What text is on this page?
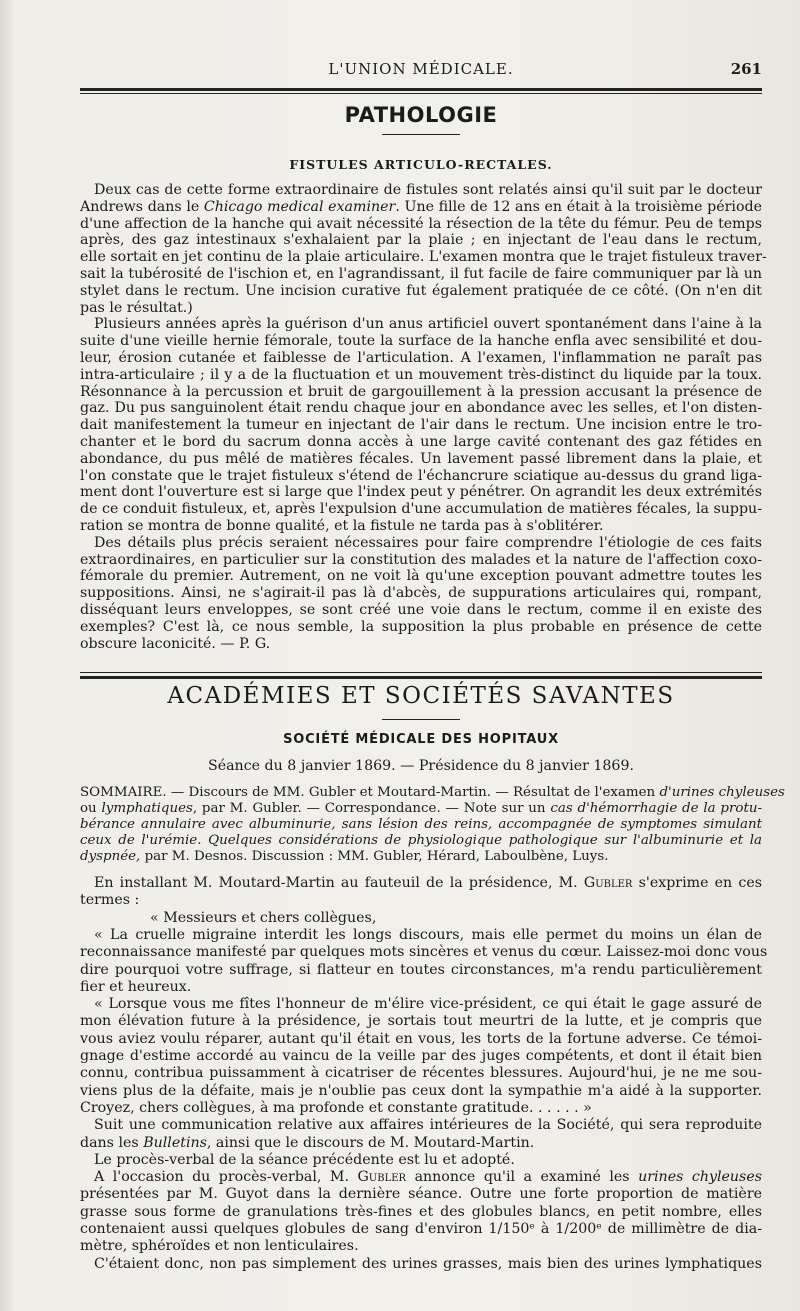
L'UNION MÉDICALE.	261
PATHOLOGIE
FISTULES ARTICULO-RECTALES.
Deux cas de cette forme extraordinaire de fistules sont relatés ainsi qu'il suit par le docteur
Andrews dans le Chicago medical examiner. Une fille de 12 ans en était à la troisième période
d'une affection de la hanche qui avait nécessité la résection de la tête du fémur. Peu de temps
après, des gaz intestinaux s'exhalaient par la plaie ; en injectant de l'eau dans le rectum,
elle sortait en jet continu de la plaie articulaire. L'examen montra que le trajet fistuleux traver-
sait la tubérosité de l'ischion et, en l'agrandissant, il fut facile de faire communiquer par là un
stylet dans le rectum. Une incision curative fut également pratiquée de ce côté. (On n'en dit
pas le résultat.)
Plusieurs années après la guérison d'un anus artificiel ouvert spontanément dans l'aine à la
suite d'une vieille hernie fémorale, toute la surface de la hanche enfla avec sensibilité et dou-
leur, érosion cutanée et faiblesse de l'articulation. A l'examen, l'inflammation ne paraît pas
intra-articulaire ; il y a de la fluctuation et un mouvement très-distinct du liquide par la toux.
Résonnance à la percussion et bruit de gargouillement à la pression accusant la présence de
gaz. Du pus sanguinolent était rendu chaque jour en abondance avec les selles, et l'on disten-
dait manifestement la tumeur en injectant de l'air dans le rectum. Une incision entre le tro-
chanter et le bord du sacrum donna accès à une large cavité contenant des gaz fétides en
abondance, du pus mêlé de matières fécales. Un lavement passé librement dans la plaie, et
l'on constate que le trajet fistuleux s'étend de l'échancrure sciatique au-dessus du grand liga-
ment dont l'ouverture est si large que l'index peut y pénétrer. On agrandit les deux extrémités
de ce conduit fistuleux, et, après l'expulsion d'une accumulation de matières fécales, la suppu-
ration se montra de bonne qualité, et la fistule ne tarda pas à s'oblitérer.
Des détails plus précis seraient nécessaires pour faire comprendre l'étiologie de ces faits
extraordinaires, en particulier sur la constitution des malades et la nature de l'affection coxo-
fémorale du premier. Autrement, on ne voit là qu'une exception pouvant admettre toutes les
suppositions. Ainsi, ne s'agirait-il pas là d'abcès, de suppurations articulaires qui, rompant,
disséquant leurs enveloppes, se sont créé une voie dans le rectum, comme il en existe des
exemples? C'est là, ce nous semble, la supposition la plus probable en présence de cette
obscure laconicité. — P. G.
ACADÉMIES ET SOCIÉTÉS SAVANTES
SOCIÉTÉ MÉDICALE DES HOPITAUX
Séance du 8 janvier 1869. — Présidence du 8 janvier 1869.
SOMMAIRE. — Discours de MM. Gubler et Moutard-Martin. — Résultat de l'examen d'urines chyleuses
ou lymphatiques, par M. Gubler. — Correspondance. — Note sur un cas d'hémorrhagie de la protu-
bérance annulaire avec albuminurie, sans lésion des reins, accompagnée de symptomes simulant
ceux de l'urémie. Quelques considérations de physiologique pathologique sur l'albuminurie et la
dyspnée, par M. Desnos. Discussion : MM. Gubler, Hérard, Laboulbène, Luys.
En installant M. Moutard-Martin au fauteuil de la présidence, M. Gubler s'exprime en ces
termes :
« Messieurs et chers collègues,
« La cruelle migraine interdit les longs discours, mais elle permet du moins un élan de
reconnaissance manifesté par quelques mots sincères et venus du cœur. Laissez-moi donc vous
dire pourquoi votre suffrage, si flatteur en toutes circonstances, m'a rendu particulièrement
fier et heureux.
« Lorsque vous me fîtes l'honneur de m'élire vice-président, ce qui était le gage assuré de
mon élévation future à la présidence, je sortais tout meurtri de la lutte, et je compris que
vous aviez voulu réparer, autant qu'il était en vous, les torts de la fortune adverse. Ce témoi-
gnage d'estime accordé au vaincu de la veille par des juges compétents, et dont il était bien
connu, contribua puissamment à cicatriser de récentes blessures. Aujourd'hui, je ne me sou-
viens plus de la défaite, mais je n'oublie pas ceux dont la sympathie m'a aidé à la supporter.
Croyez, chers collègues, à ma profonde et constante gratitude. . . . . . »
Suit une communication relative aux affaires intérieures de la Société, qui sera reproduite
dans les Bulletins, ainsi que le discours de M. Moutard-Martin.
Le procès-verbal de la séance précédente est lu et adopté.
A l'occasion du procès-verbal, M. Gubler annonce qu'il a examiné les urines chyleuses
présentées par M. Guyot dans la dernière séance. Outre une forte proportion de matière
grasse sous forme de granulations très-fines et des globules blancs, en petit nombre, elles
contenaient aussi quelques globules de sang d'environ 1/150ᵉ à 1/200ᵉ de millimètre de dia-
mètre, sphéroïdes et non lenticulaires.
C'étaient donc, non pas simplement des urines grasses, mais bien des urines lymphatiques
